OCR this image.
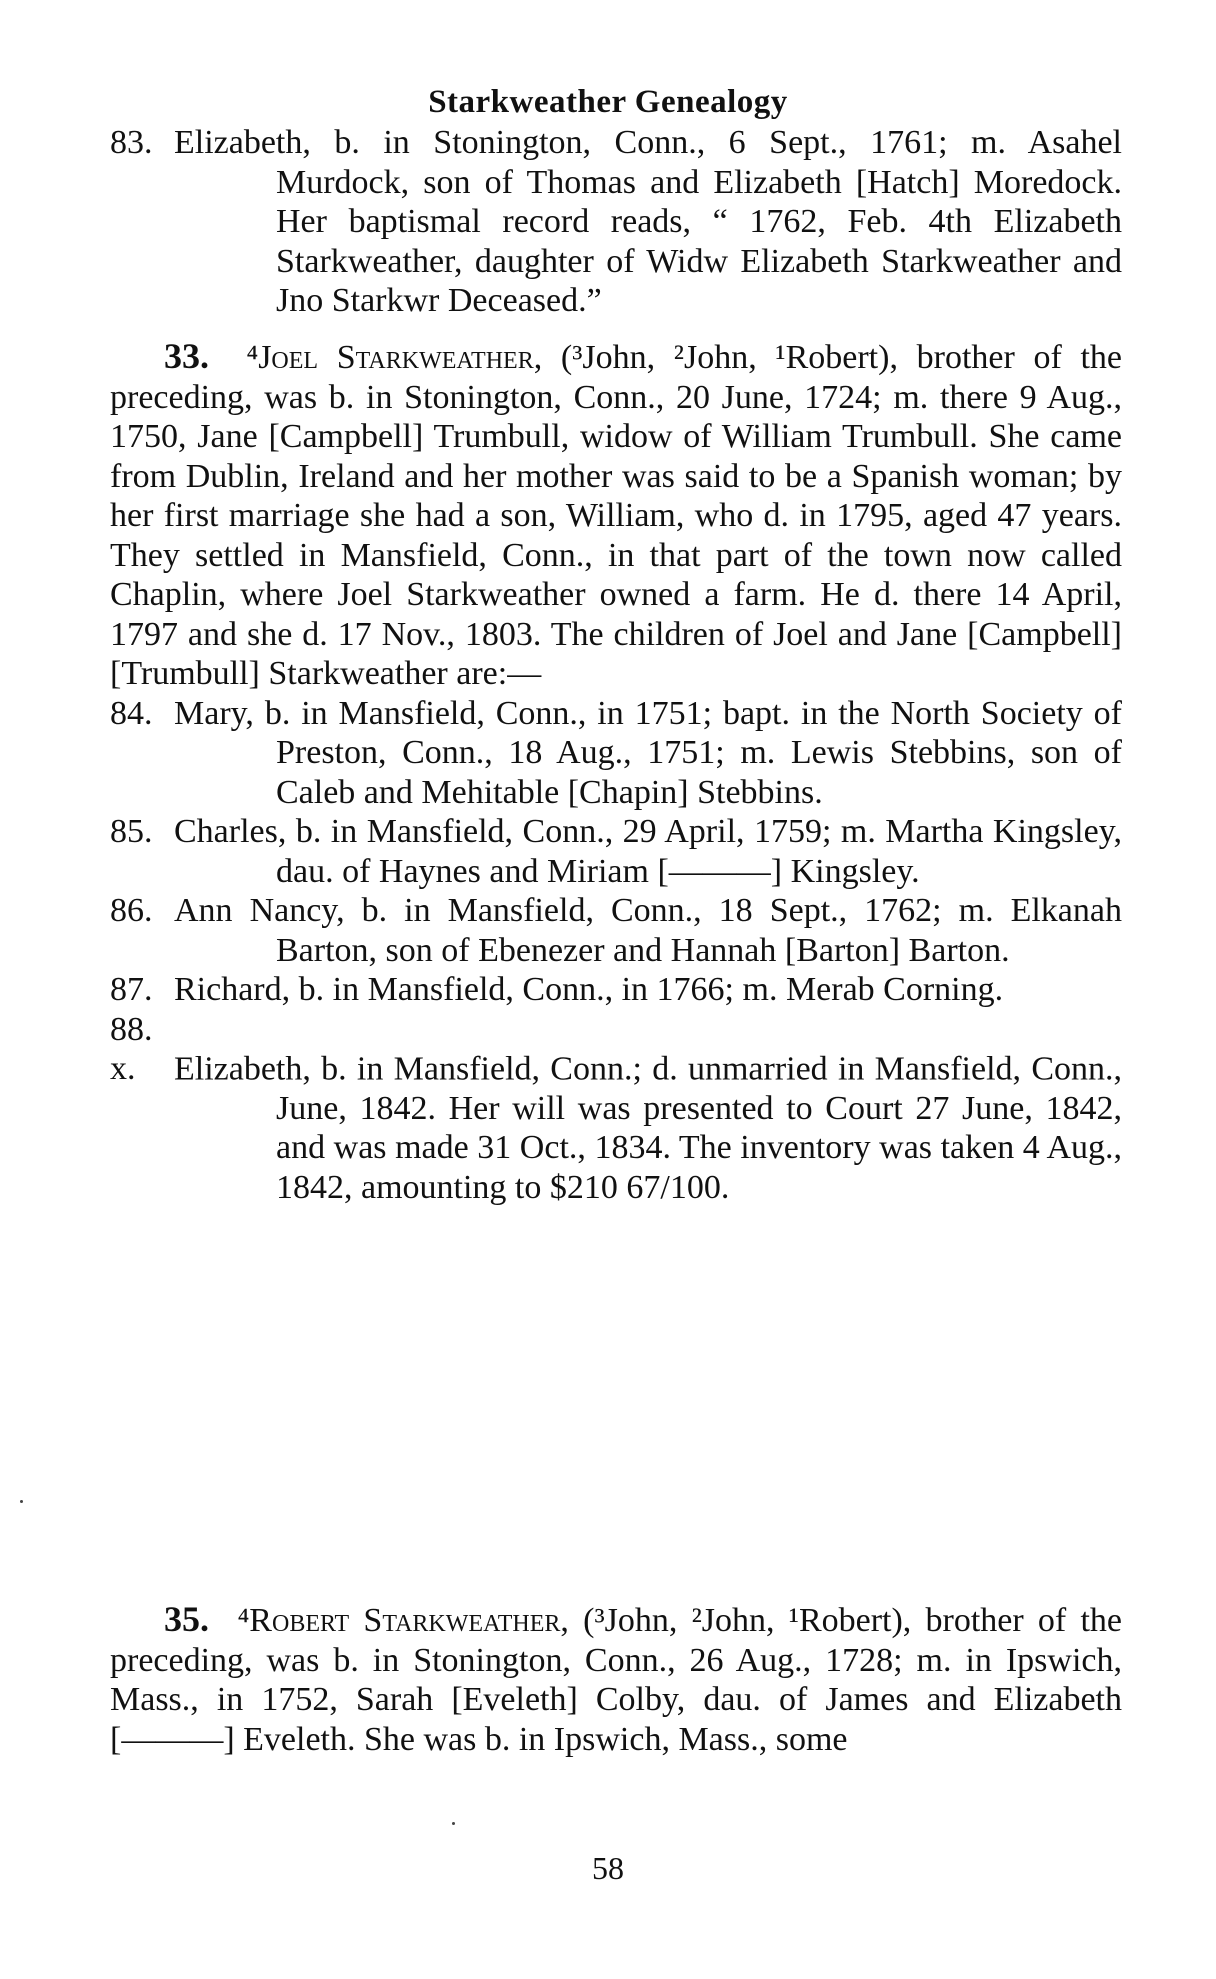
Starkweather Genealogy

83. Elizabeth, b. in Stonington, Conn., 6 Sept., 1761; m. Asahel Murdock, son of Thomas and Elizabeth [Hatch] Moredock. Her baptismal record reads, “ 1762, Feb. 4th Elizabeth Starkweather, daughter of Widw Elizabeth Starkweather and Jno Starkwr Deceased.”

33. ⁴Joel Starkweather, (³John, ²John, ¹Robert), brother of the preceding, was b. in Stonington, Conn., 20 June, 1724; m. there 9 Aug., 1750, Jane [Campbell] Trumbull, widow of William Trumbull. She came from Dublin, Ireland and her mother was said to be a Spanish woman; by her first marriage she had a son, William, who d. in 1795, aged 47 years. They settled in Mansfield, Conn., in that part of the town now called Chaplin, where Joel Starkweather owned a farm. He d. there 14 April, 1797 and she d. 17 Nov., 1803. The children of Joel and Jane [Campbell] [Trumbull] Starkweather are:—

84. Mary, b. in Mansfield, Conn., in 1751; bapt. in the North Society of Preston, Conn., 18 Aug., 1751; m. Lewis Stebbins, son of Caleb and Mehitable [Chapin] Stebbins.

85. Charles, b. in Mansfield, Conn., 29 April, 1759; m. Martha Kingsley, dau. of Haynes and Miriam [———] Kingsley.

86. Ann Nancy, b. in Mansfield, Conn., 18 Sept., 1762; m. Elkanah Barton, son of Ebenezer and Hannah [Barton] Barton.

87. Richard, b. in Mansfield, Conn., in 1766; m. Merab Corning.

88. x. Elizabeth, b. in Mansfield, Conn.; d. unmarried in Mansfield, Conn., June, 1842. Her will was presented to Court 27 June, 1842, and was made 31 Oct., 1834. The inventory was taken 4 Aug., 1842, amounting to $210 67/100.

35. ⁴Robert Starkweather, (³John, ²John, ¹Robert), brother of the preceding, was b. in Stonington, Conn., 26 Aug., 1728; m. in Ipswich, Mass., in 1752, Sarah [Eveleth] Colby, dau. of James and Elizabeth [———] Eveleth. She was b. in Ipswich, Mass., some

58
